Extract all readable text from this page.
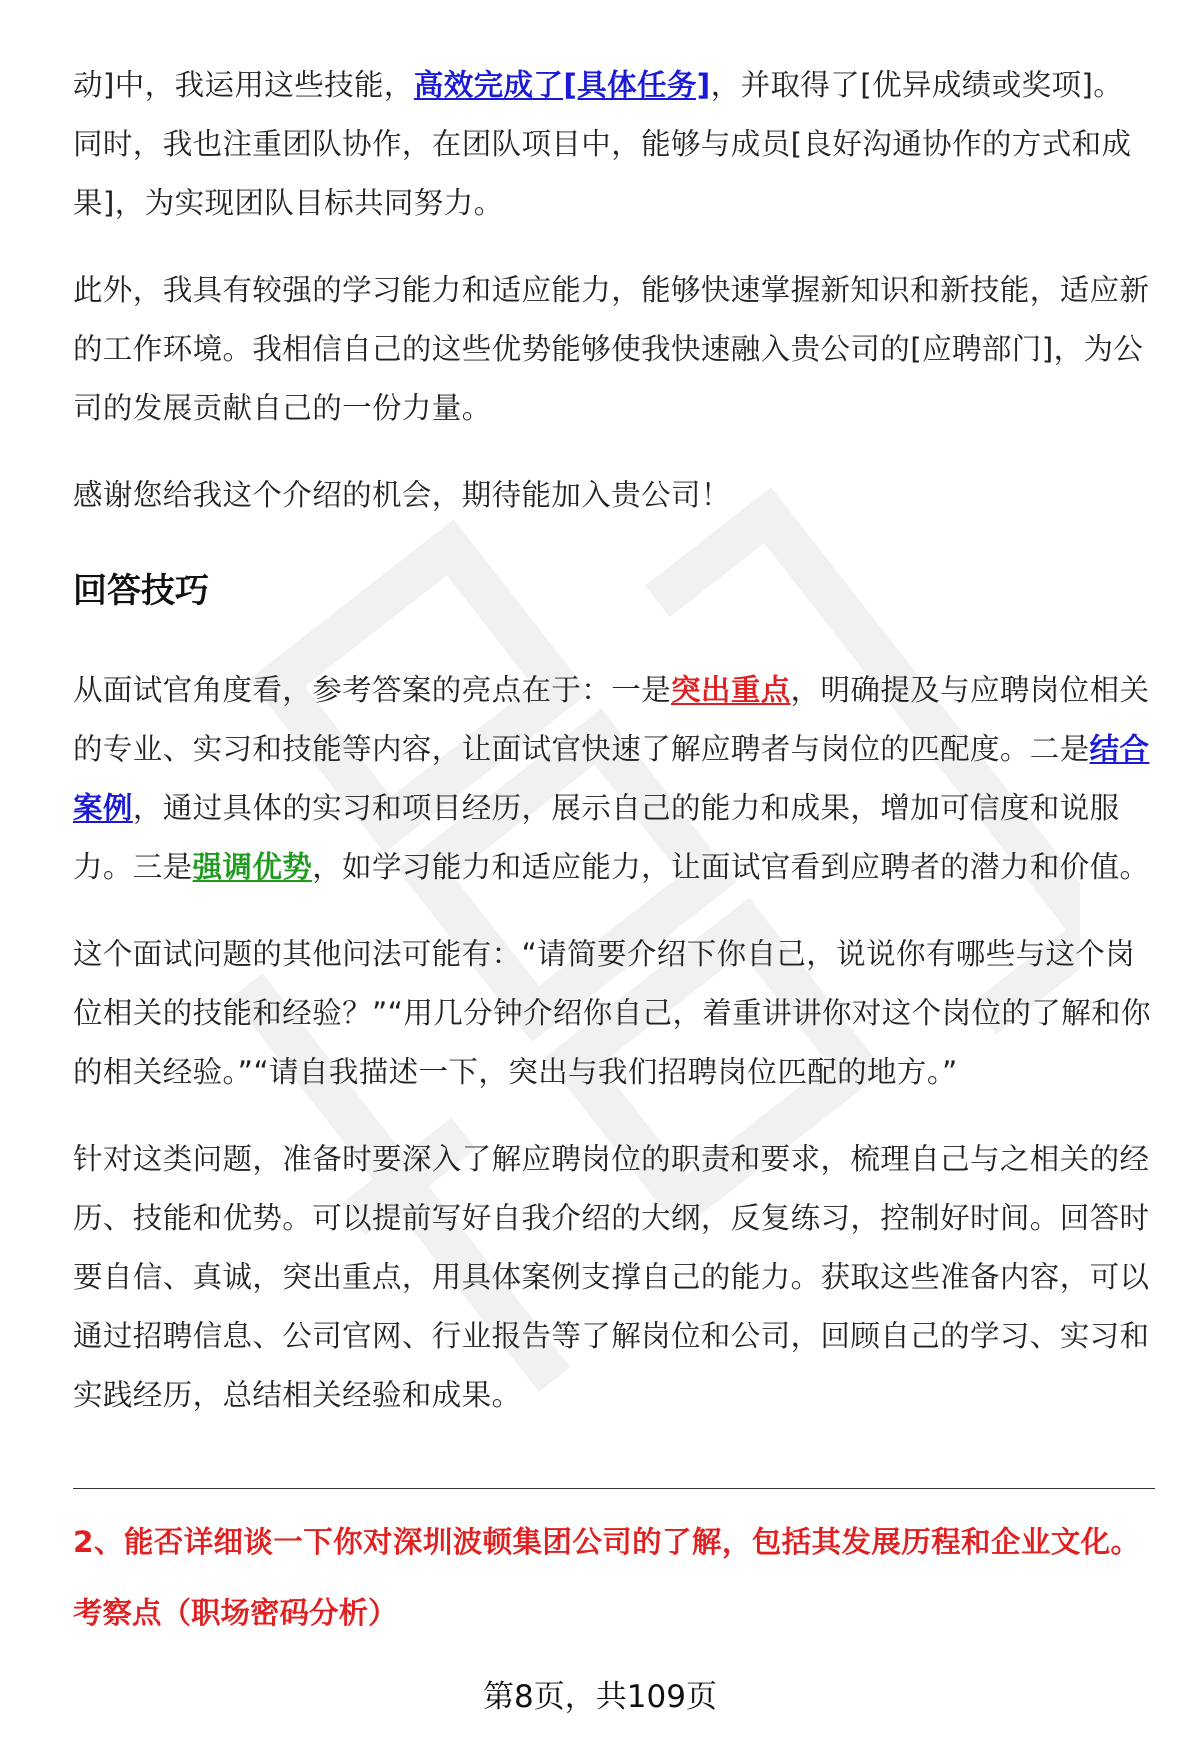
动]中，我运用这些技能，高效完成了[具体任务]，并取得了[优异成绩或奖项]。同时，我也注重团队协作，在团队项目中，能够与成员[良好沟通协作的方式和成果]，为实现团队目标共同努力。

此外，我具有较强的学习能力和适应能力，能够快速掌握新知识和新技能，适应新的工作环境。我相信自己的这些优势能够使我快速融入贵公司的[应聘部门]，为公司的发展贡献自己的一份力量。

感谢您给我这个介绍的机会，期待能加入贵公司！

回答技巧

从面试官角度看，参考答案的亮点在于：一是突出重点，明确提及与应聘岗位相关的专业、实习和技能等内容，让面试官快速了解应聘者与岗位的匹配度。二是结合案例，通过具体的实习和项目经历，展示自己的能力和成果，增加可信度和说服力。三是强调优势，如学习能力和适应能力，让面试官看到应聘者的潜力和价值。

这个面试问题的其他问法可能有：“请简要介绍下你自己，说说你有哪些与这个岗位相关的技能和经验？”“用几分钟介绍你自己，着重讲讲你对这个岗位的了解和你的相关经验。”“请自我描述一下，突出与我们招聘岗位匹配的地方。”

针对这类问题，准备时要深入了解应聘岗位的职责和要求，梳理自己与之相关的经历、技能和优势。可以提前写好自我介绍的大纲，反复练习，控制好时间。回答时要自信、真诚，突出重点，用具体案例支撑自己的能力。获取这些准备内容，可以通过招聘信息、公司官网、行业报告等了解岗位和公司，回顾自己的学习、实习和实践经历，总结相关经验和成果。

2、能否详细谈一下你对深圳波顿集团公司的了解，包括其发展历程和企业文化。
考察点（职场密码分析）
第8页，共109页
